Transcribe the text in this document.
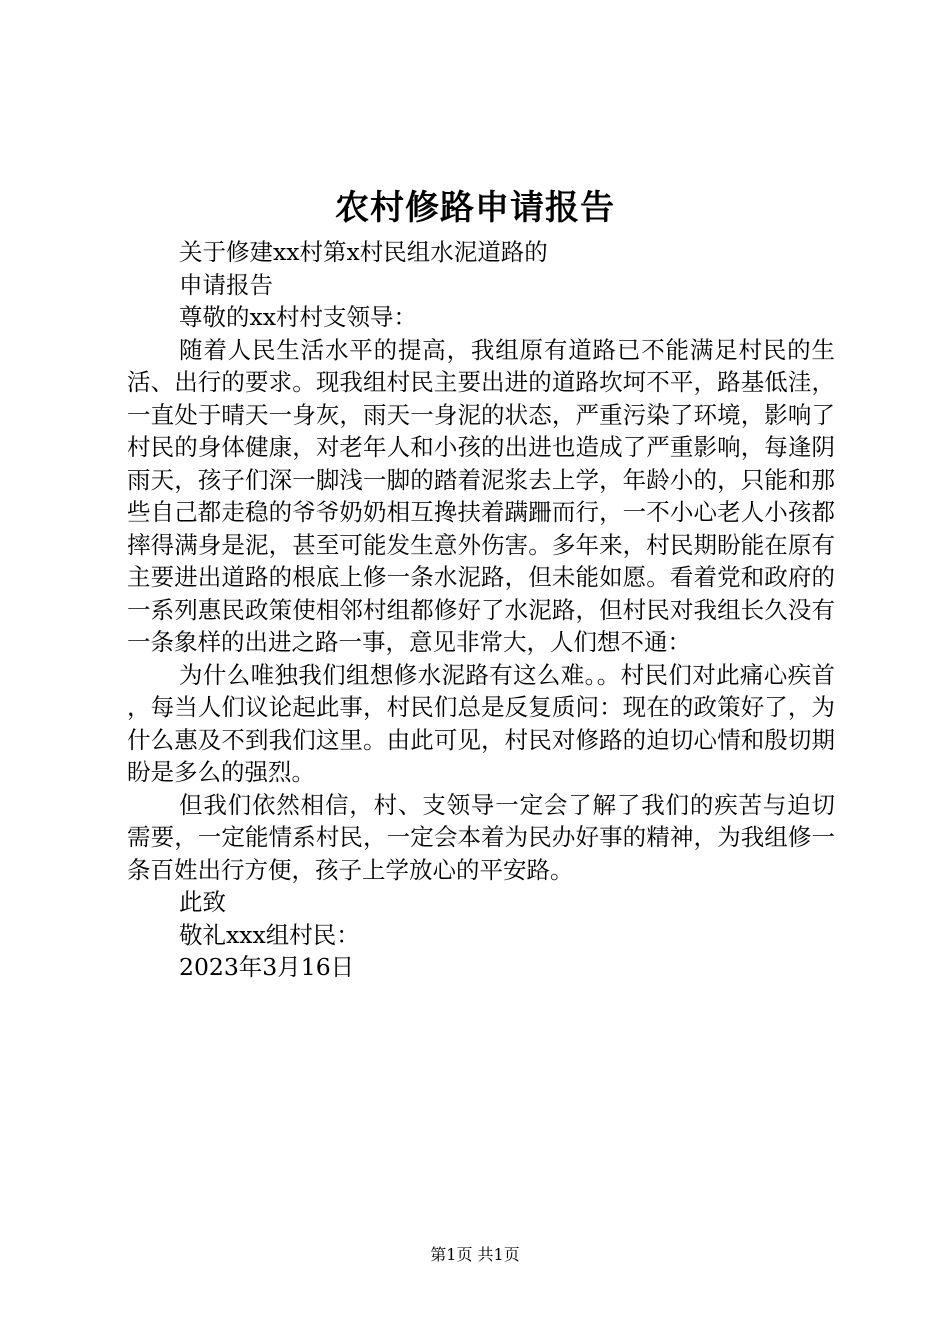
农村修路申请报告
关于修建xx村第x村民组水泥道路的
申请报告
尊敬的xx村村支领导：
随着人民生活水平的提高，我组原有道路已不能满足村民的生活、出行的要求。现我组村民主要出进的道路坎坷不平，路基低洼，一直处于晴天一身灰，雨天一身泥的状态，严重污染了环境，影响了村民的身体健康，对老年人和小孩的出进也造成了严重影响，每逢阴雨天，孩子们深一脚浅一脚的踏着泥浆去上学，年龄小的，只能和那些自己都走稳的爷爷奶奶相互搀扶着蹒跚而行，一不小心老人小孩都摔得满身是泥，甚至可能发生意外伤害。多年来，村民期盼能在原有主要进出道路的根底上修一条水泥路，但未能如愿。看着党和政府的一系列惠民政策使相邻村组都修好了水泥路，但村民对我组长久没有一条象样的出进之路一事，意见非常大，人们想不通：
为什么唯独我们组想修水泥路有这么难。。村民们对此痛心疾首，每当人们议论起此事，村民们总是反复质问：现在的政策好了，为什么惠及不到我们这里。由此可见，村民对修路的迫切心情和殷切期盼是多么的强烈。
但我们依然相信，村、支领导一定会了解了我们的疾苦与迫切需要，一定能情系村民，一定会本着为民办好事的精神，为我组修一条百姓出行方便，孩子上学放心的平安路。
此致
敬礼xxx组村民：
2023年3月16日
第1页 共1页
